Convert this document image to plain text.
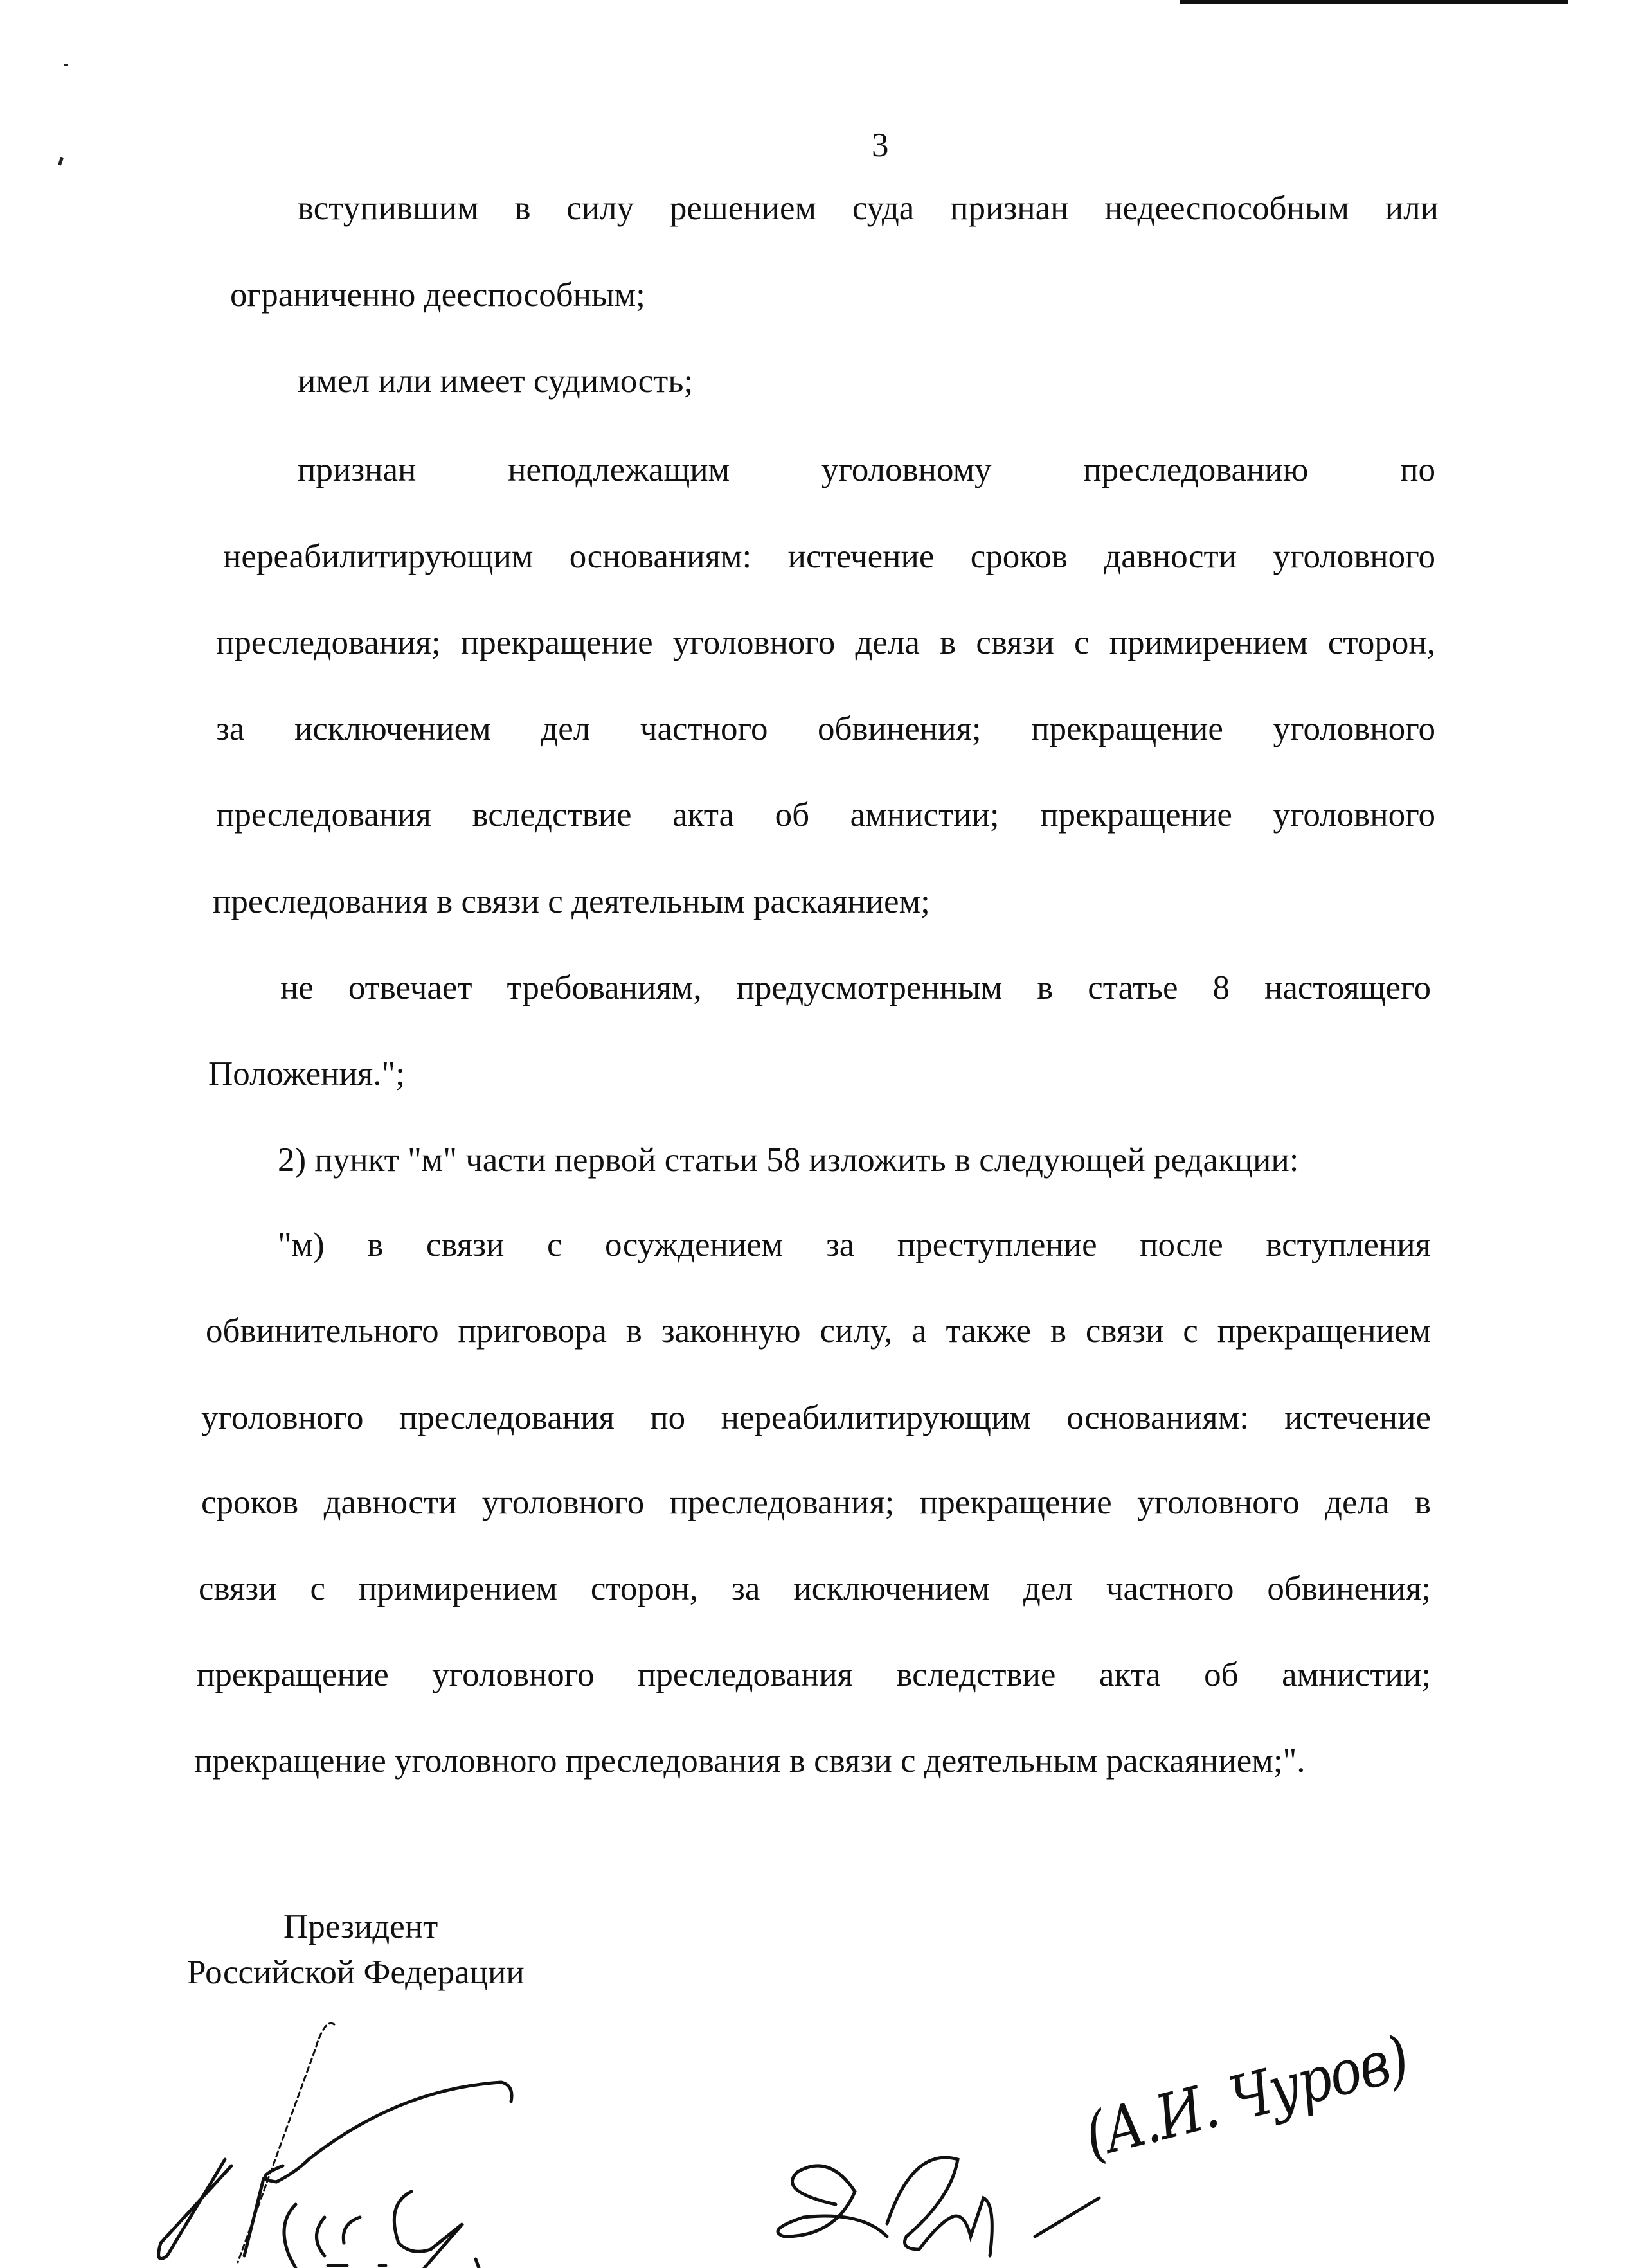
3
вступившим в силу решением суда признан недееспособным или
ограниченно дееспособным;
имел или имеет судимость;
признан неподлежащим уголовному преследованию по
нереабилитирующим основаниям: истечение сроков давности уголовного
преследования; прекращение уголовного дела в связи с примирением сторон,
за исключением дел частного обвинения; прекращение уголовного
преследования вследствие акта об амнистии; прекращение уголовного
преследования в связи с деятельным раскаянием;
не отвечает требованиям, предусмотренным в статье 8 настоящего
Положения.";
2) пункт "м" части первой статьи 58 изложить в следующей редакции:
"м) в связи с осуждением за преступление после вступления
обвинительного приговора в законную силу, а также в связи с прекращением
уголовного преследования по нереабилитирующим основаниям: истечение
сроков давности уголовного преследования; прекращение уголовного дела в
связи с примирением сторон, за исключением дел частного обвинения;
прекращение уголовного преследования вследствие акта об амнистии;
прекращение уголовного преследования в связи с деятельным раскаянием;".
Президент
Российской Федерации
(А.И. Чуров)
